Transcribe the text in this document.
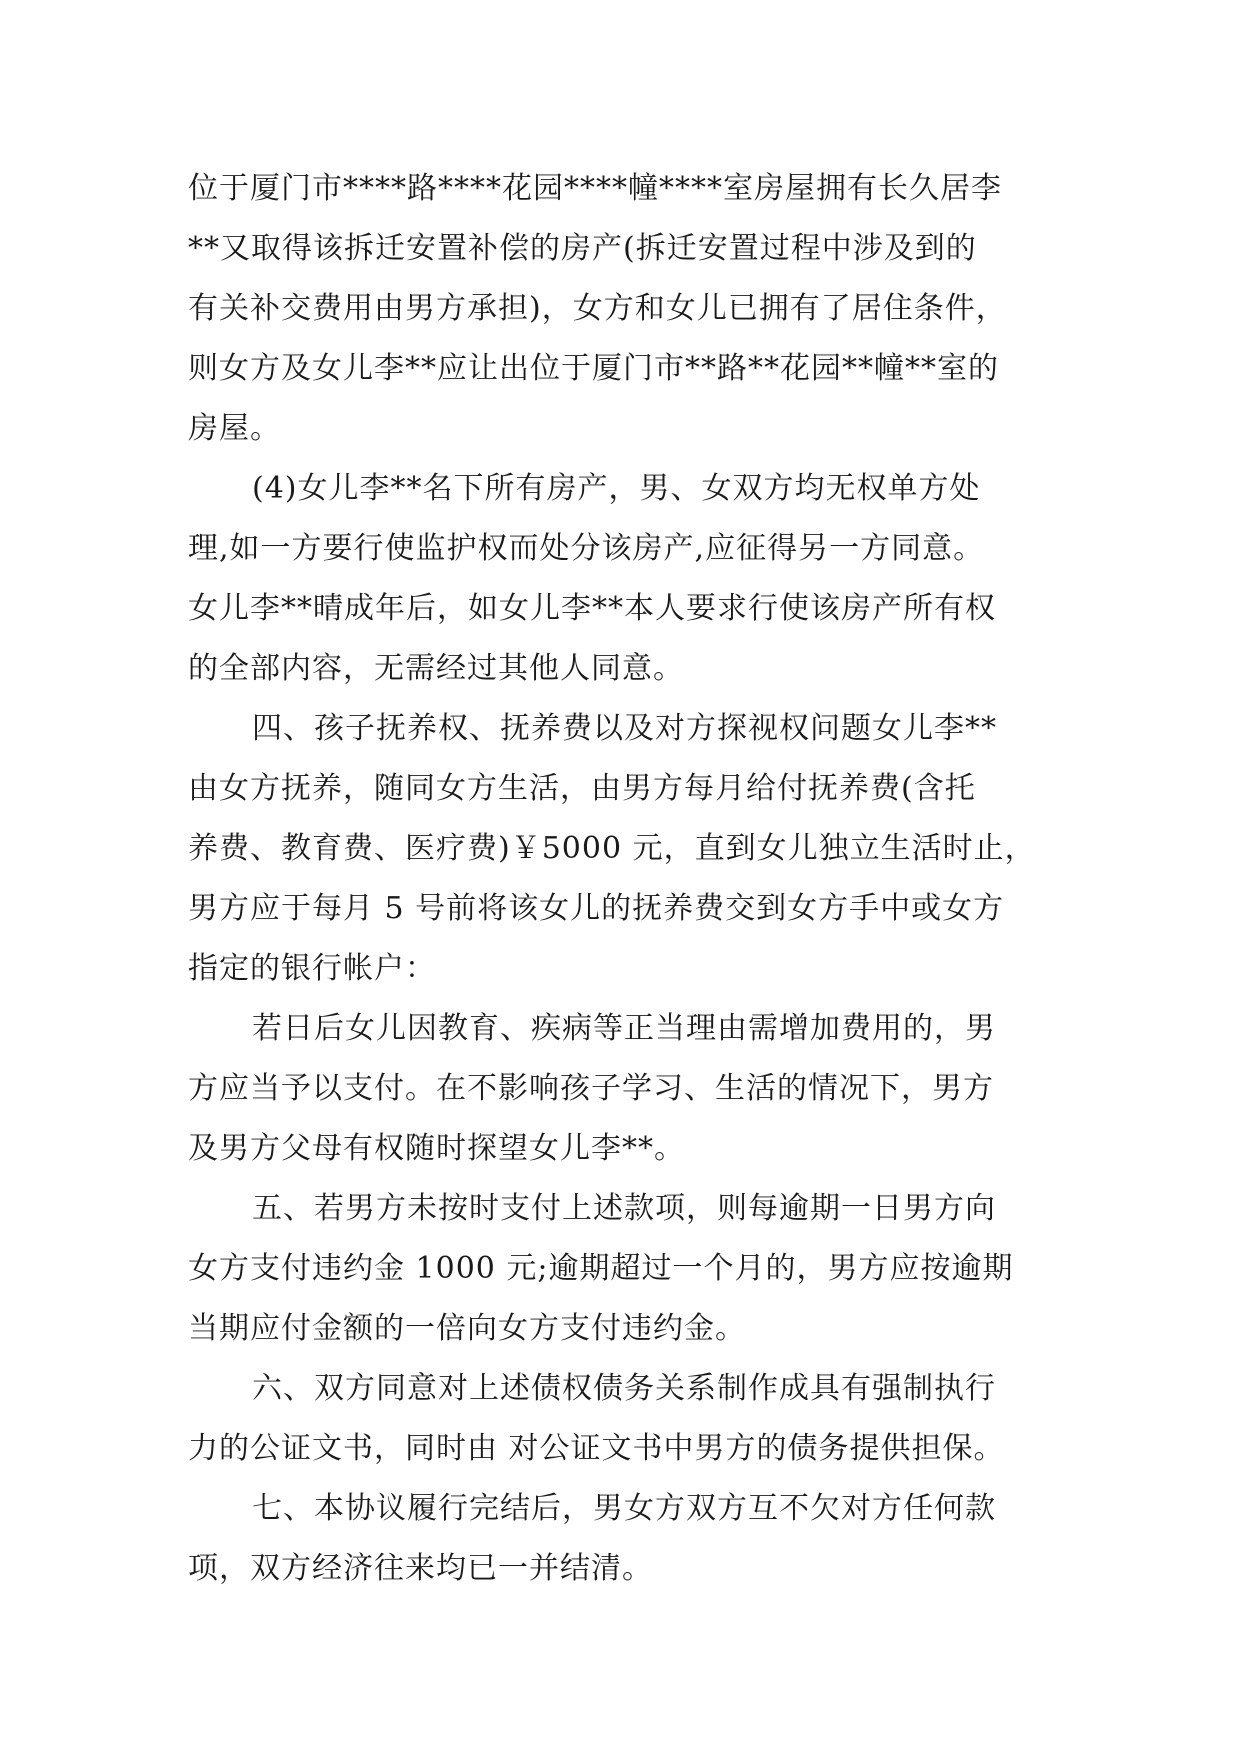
位于厦门市****路****花园****幢****室房屋拥有长久居李
**又取得该拆迁安置补偿的房产(拆迁安置过程中涉及到的
有关补交费用由男方承担)，女方和女儿已拥有了居住条件，
则女方及女儿李**应让出位于厦门市**路**花园**幢**室的
房屋。
(4)女儿李**名下所有房产，男、女双方均无权单方处
理,如一方要行使监护权而处分该房产,应征得另一方同意。
女儿李**晴成年后，如女儿李**本人要求行使该房产所有权
的全部内容，无需经过其他人同意。
四、孩子抚养权、抚养费以及对方探视权问题女儿李**
由女方抚养，随同女方生活，由男方每月给付抚养费(含托
养费、教育费、医疗费)￥5000 元，直到女儿独立生活时止，
男方应于每月 5 号前将该女儿的抚养费交到女方手中或女方
指定的银行帐户：
若日后女儿因教育、疾病等正当理由需增加费用的，男
方应当予以支付。在不影响孩子学习、生活的情况下，男方
及男方父母有权随时探望女儿李**。
五、若男方未按时支付上述款项，则每逾期一日男方向
女方支付违约金 1000 元;逾期超过一个月的，男方应按逾期
当期应付金额的一倍向女方支付违约金。
六、双方同意对上述债权债务关系制作成具有强制执行
力的公证文书，同时由 对公证文书中男方的债务提供担保。
七、本协议履行完结后，男女方双方互不欠对方任何款
项，双方经济往来均已一并结清。
